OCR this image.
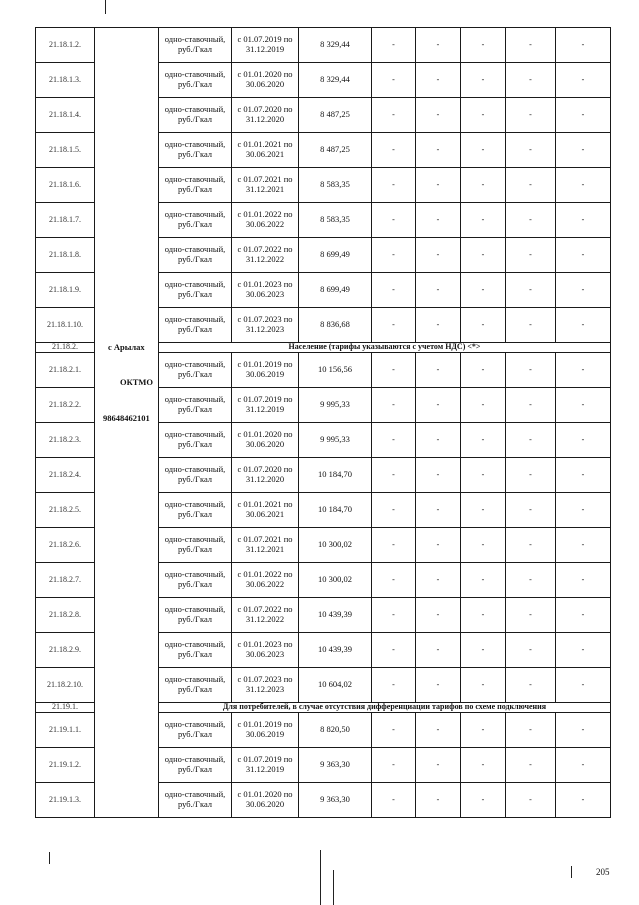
21.18.1.2.		одно-ставочный, руб./Гкал	с 01.07.2019 по 31.12.2019	8 329,44	-	-	-	-	-
21.18.1.3.		одно-ставочный, руб./Гкал	с 01.01.2020 по 30.06.2020	8 329,44	-	-	-	-	-
21.18.1.4.		одно-ставочный, руб./Гкал	с 01.07.2020 по 31.12.2020	8 487,25	-	-	-	-	-
21.18.1.5.		одно-ставочный, руб./Гкал	с 01.01.2021 по 30.06.2021	8 487,25	-	-	-	-	-
21.18.1.6.		одно-ставочный, руб./Гкал	с 01.07.2021 по 31.12.2021	8 583,35	-	-	-	-	-
21.18.1.7.		одно-ставочный, руб./Гкал	с 01.01.2022 по 30.06.2022	8 583,35	-	-	-	-	-
21.18.1.8.		одно-ставочный, руб./Гкал	с 01.07.2022 по 31.12.2022	8 699,49	-	-	-	-	-
21.18.1.9.		одно-ставочный, руб./Гкал	с 01.01.2023 по 30.06.2023	8 699,49	-	-	-	-	-
21.18.1.10.		одно-ставочный, руб./Гкал	с 01.07.2023 по 31.12.2023	8 836,68	-	-	-	-	-
21.18.2.		Население (тарифы указываются с учетом НДС) <*>							
21.18.2.1.		одно-ставочный, руб./Гкал	с 01.01.2019 по 30.06.2019	10 156,56	-	-	-	-	-
21.18.2.2.		одно-ставочный, руб./Гкал	с 01.07.2019 по 31.12.2019	9 995,33	-	-	-	-	-
21.18.2.3.		одно-ставочный, руб./Гкал	с 01.01.2020 по 30.06.2020	9 995,33	-	-	-	-	-
21.18.2.4.		одно-ставочный, руб./Гкал	с 01.07.2020 по 31.12.2020	10 184,70	-	-	-	-	-
21.18.2.5.		одно-ставочный, руб./Гкал	с 01.01.2021 по 30.06.2021	10 184,70	-	-	-	-	-
21.18.2.6.		одно-ставочный, руб./Гкал	с 01.07.2021 по 31.12.2021	10 300,02	-	-	-	-	-
21.18.2.7.		одно-ставочный, руб./Гкал	с 01.01.2022 по 30.06.2022	10 300,02	-	-	-	-	-
21.18.2.8.		одно-ставочный, руб./Гкал	с 01.07.2022 по 31.12.2022	10 439,39	-	-	-	-	-
21.18.2.9.		одно-ставочный, руб./Гкал	с 01.01.2023 по 30.06.2023	10 439,39	-	-	-	-	-
21.18.2.10.		одно-ставочный, руб./Гкал	с 01.07.2023 по 31.12.2023	10 604,02	-	-	-	-	-
21.19.1.		Для потребителей, в случае отсутствия дифференциации тарифов по схеме подключения							
21.19.1.1.		одно-ставочный, руб./Гкал	с 01.01.2019 по 30.06.2019	8 820,50	-	-	-	-	-
21.19.1.2.		одно-ставочный, руб./Гкал	с 01.07.2019 по 31.12.2019	9 363,30	-	-	-	-	-
21.19.1.3.		одно-ставочный, руб./Гкал	с 01.01.2020 по 30.06.2020	9 363,30	-	-	-	-	-
с Арылах
ОКТМО
98648462101
205
